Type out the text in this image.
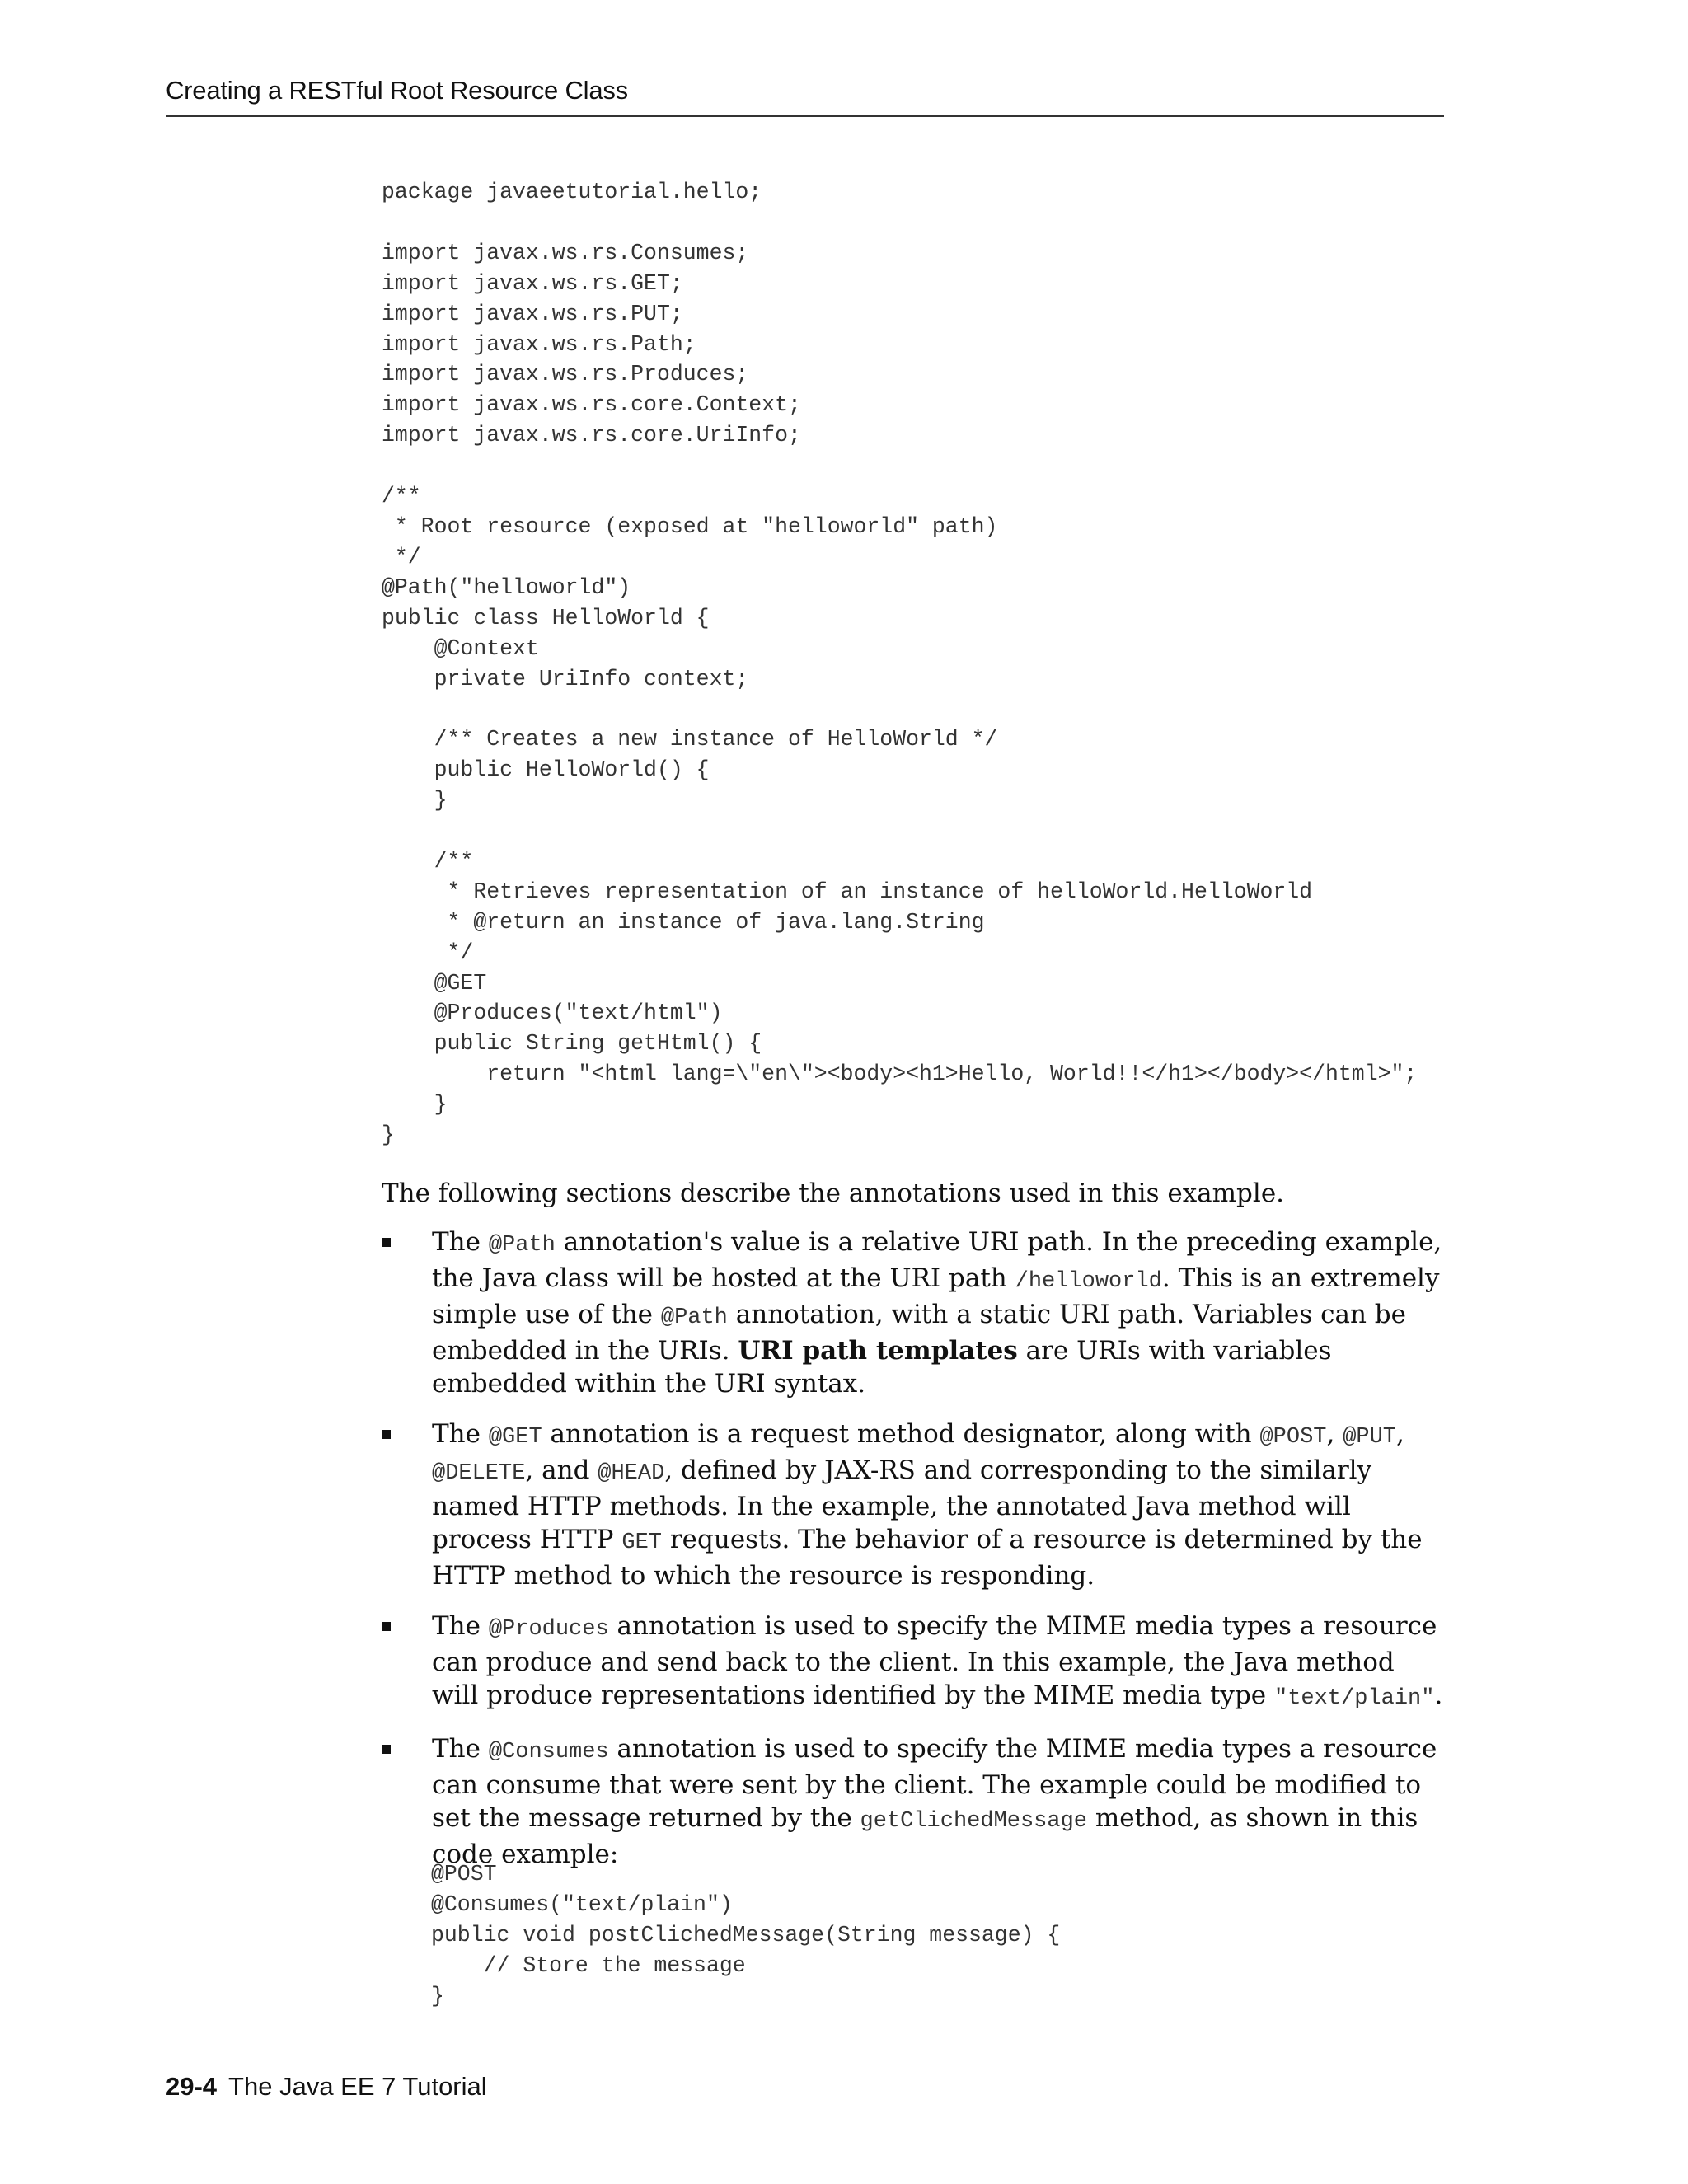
Creating a RESTful Root Resource Class
package javaeetutorial.hello;

import javax.ws.rs.Consumes;
import javax.ws.rs.GET;
import javax.ws.rs.PUT;
import javax.ws.rs.Path;
import javax.ws.rs.Produces;
import javax.ws.rs.core.Context;
import javax.ws.rs.core.UriInfo;

/**
* Root resource (exposed at "helloworld" path)
*/
@Path("helloworld")
public class HelloWorld {
@Context
private UriInfo context;

/** Creates a new instance of HelloWorld */
public HelloWorld() {
}

/**
* Retrieves representation of an instance of helloWorld.HelloWorld
* @return an instance of java.lang.String
*/
@GET
@Produces("text/html")
public String getHtml() {
return "<html lang=\"en\"><body><h1>Hello, World!!</h1></body></html>";
}
}

The following sections describe the annotations used in this example.

The @Path annotation's value is a relative URI path. In the preceding example, the Java class will be hosted at the URI path /helloworld. This is an extremely simple use of the @Path annotation, with a static URI path. Variables can be embedded in the URIs. URI path templates are URIs with variables embedded within the URI syntax.
The @GET annotation is a request method designator, along with @POST, @PUT, @DELETE, and @HEAD, defined by JAX-RS and corresponding to the similarly named HTTP methods. In the example, the annotated Java method will process HTTP GET requests. The behavior of a resource is determined by the HTTP method to which the resource is responding.
The @Produces annotation is used to specify the MIME media types a resource can produce and send back to the client. In this example, the Java method will produce representations identified by the MIME media type "text/plain".
The @Consumes annotation is used to specify the MIME media types a resource can consume that were sent by the client. The example could be modified to set the message returned by the getClichedMessage method, as shown in this code example:
@POST
@Consumes("text/plain")
public void postClichedMessage(String message) {
// Store the message
}
29-4 The Java EE 7 Tutorial
